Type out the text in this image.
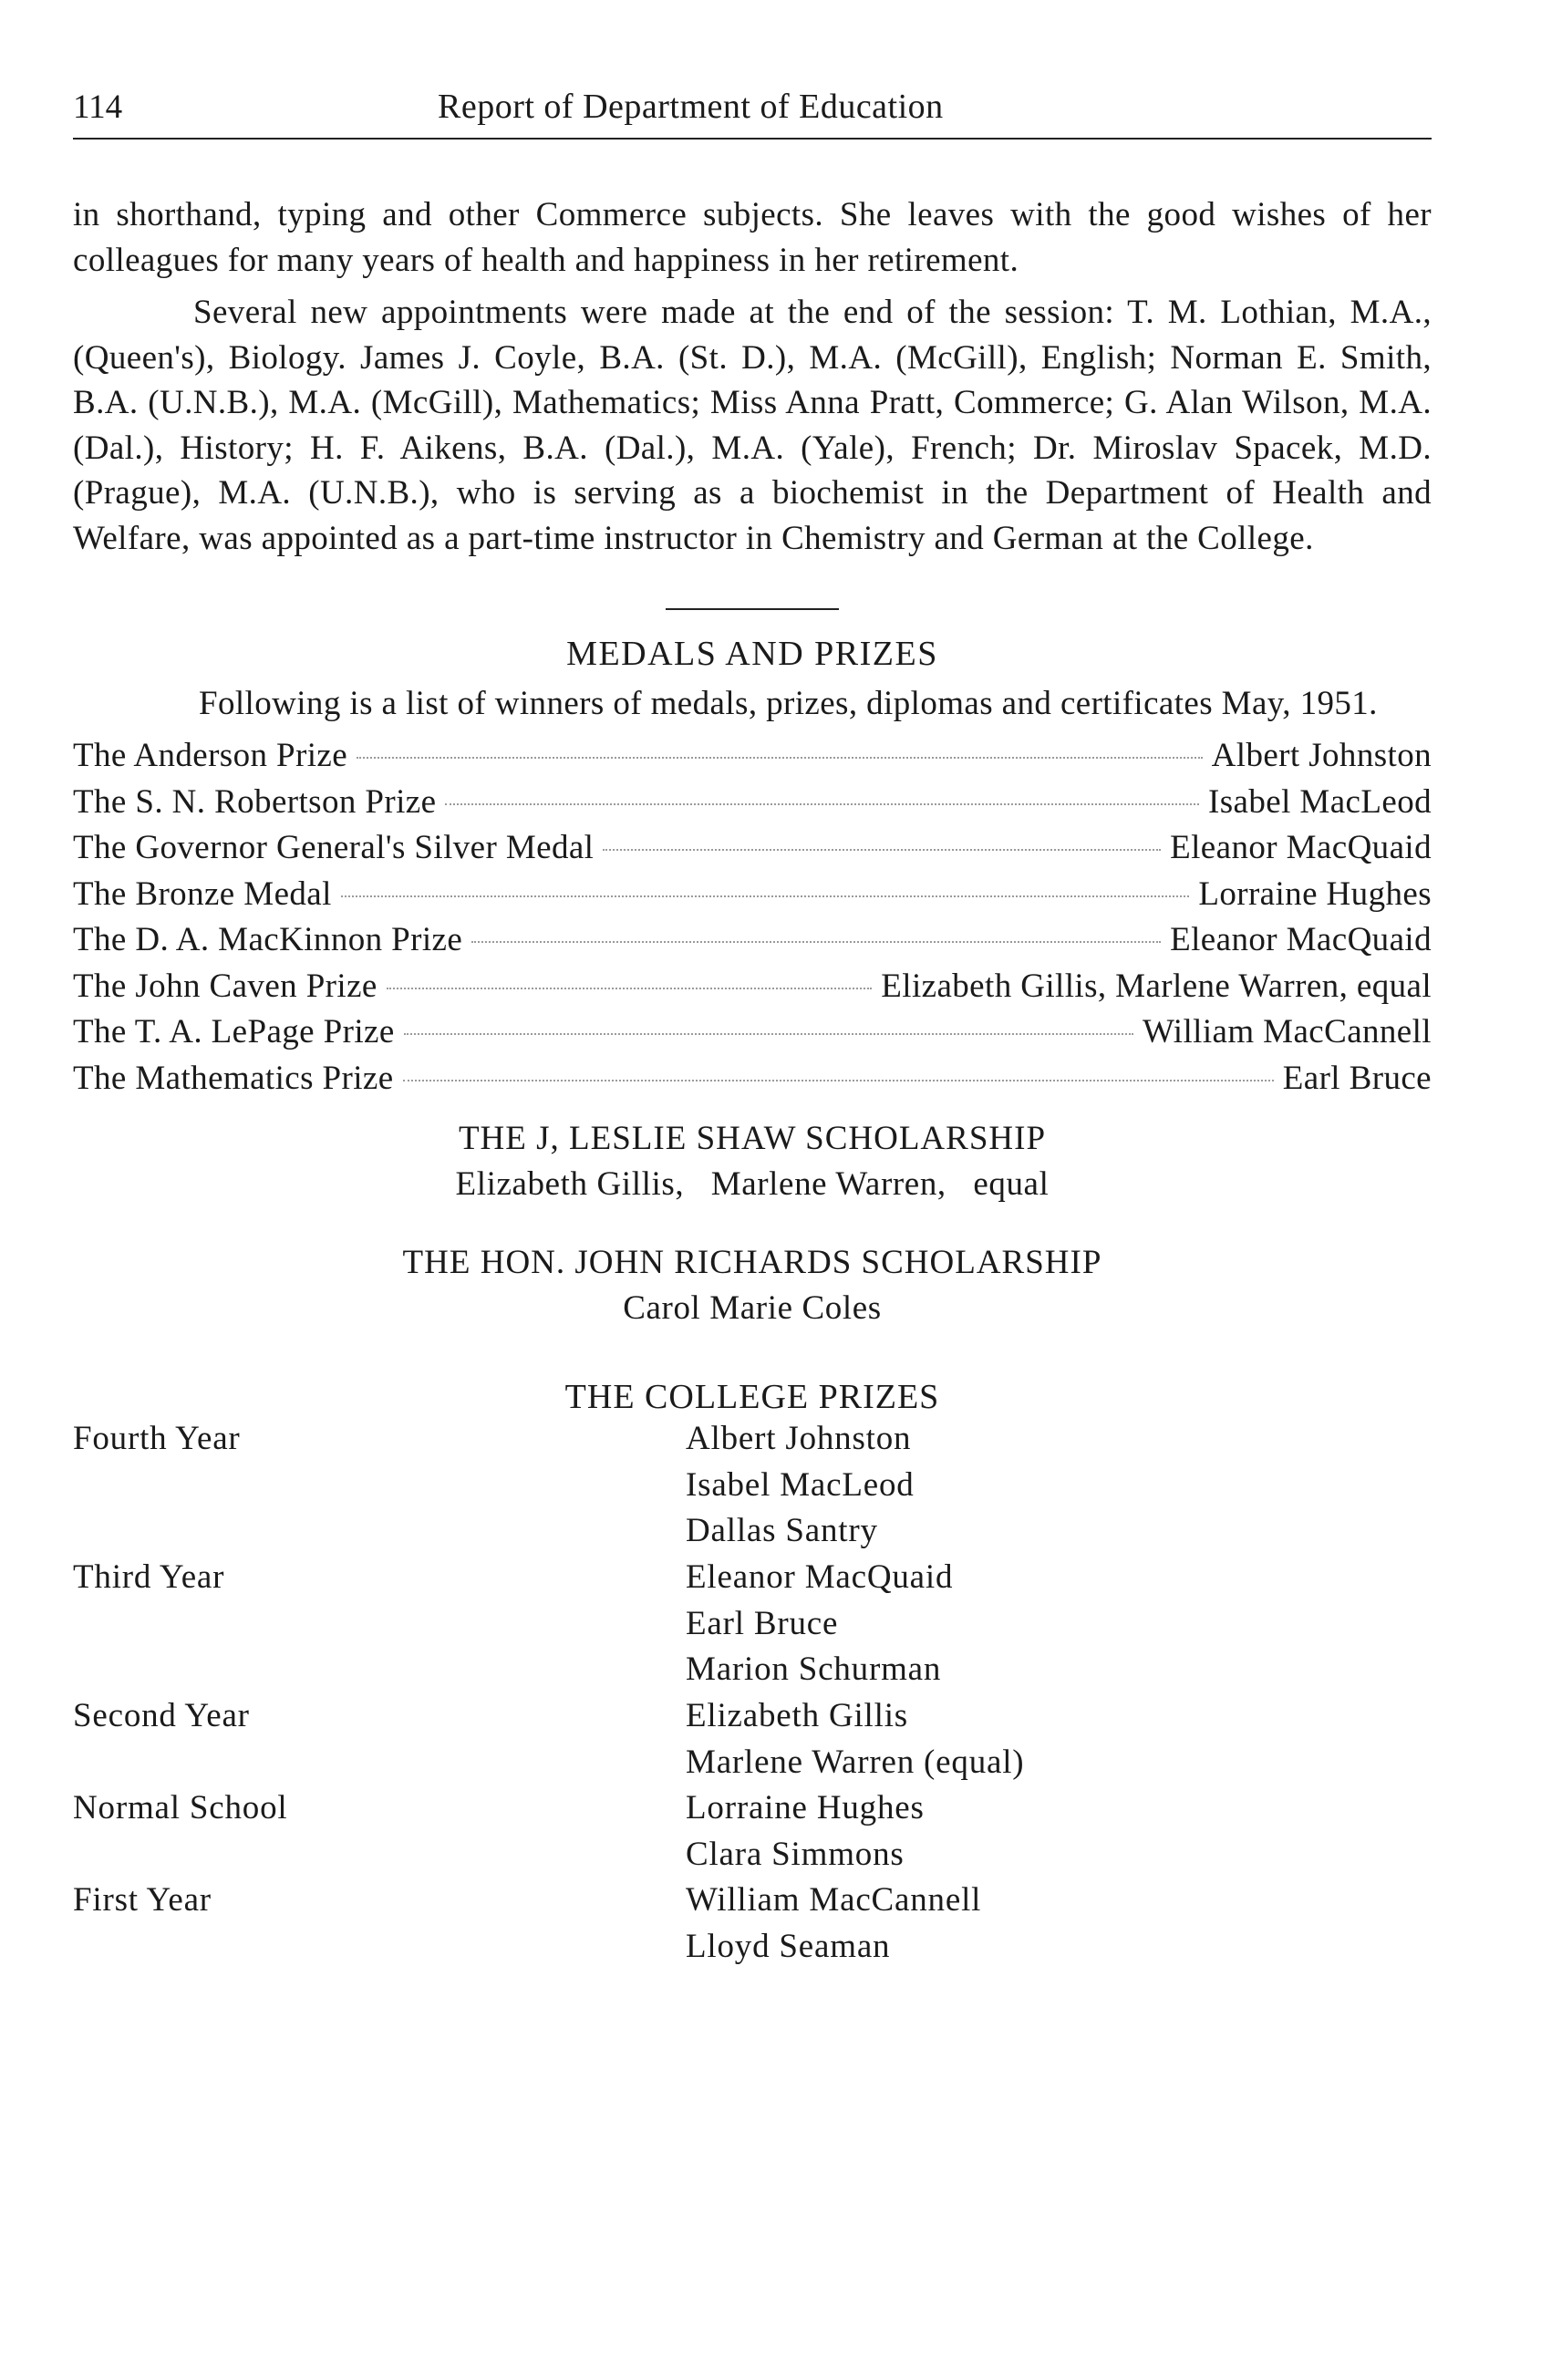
114	Report of Department of Education

in shorthand, typing and other Commerce subjects. She leaves with the good wishes of her colleagues for many years of health and happiness in her retirement.

Several new appointments were made at the end of the session: T. M. Lothian, M.A., (Queen's), Biology. James J. Coyle, B.A. (St. D.), M.A. (McGill), English; Norman E. Smith, B.A. (U.N.B.), M.A. (McGill), Mathematics; Miss Anna Pratt, Commerce; G. Alan Wilson, M.A. (Dal.), History; H. F. Aikens, B.A. (Dal.), M.A. (Yale), French; Dr. Miroslav Spacek, M.D. (Prague), M.A. (U.N.B.), who is serving as a biochemist in the Department of Health and Welfare, was appointed as a part-time instructor in Chemistry and German at the College.

MEDALS AND PRIZES

Following is a list of winners of medals, prizes, diplomas and certificates May, 1951.

The Anderson Prize	Albert Johnston
The S. N. Robertson Prize	Isabel MacLeod
The Governor General's Silver Medal	Eleanor MacQuaid
The Bronze Medal	Lorraine Hughes
The D. A. MacKinnon Prize	Eleanor MacQuaid
The John Caven Prize	Elizabeth Gillis, Marlene Warren, equal
The T. A. LePage Prize	William MacCannell
The Mathematics Prize	Earl Bruce
THE J, LESLIE SHAW SCHOLARSHIP
Elizabeth Gillis,   Marlene Warren,   equal
THE HON. JOHN RICHARDS SCHOLARSHIP
Carol Marie Coles
THE COLLEGE PRIZES
Fourth Year	Albert Johnston
Isabel MacLeod
Dallas Santry
Third Year	Eleanor MacQuaid
Earl Bruce
Marion Schurman
Second Year	Elizabeth Gillis
Marlene Warren (equal)
Normal School	Lorraine Hughes
Clara Simmons
First Year	William MacCannell
Lloyd Seaman
